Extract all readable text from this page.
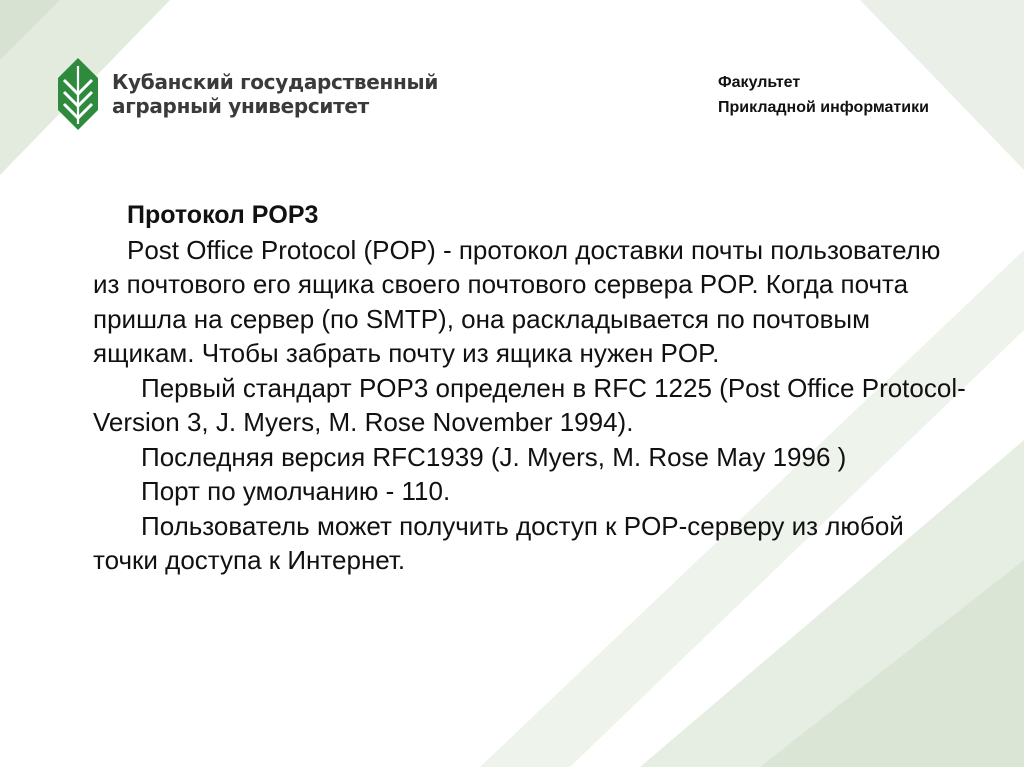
Кубанский государственный
аграрный университет
Факультет
Прикладной информатики
Протокол POP3

Post Office Protocol (POP) - протокол доставки почты пользователю из почтового его ящика своего почтового сервера POP. Когда почта пришла на сервер (по SMTP), она раскладывается по почтовым ящикам. Чтобы забрать почту из ящика нужен POP.

Первый стандарт POP3 определен в RFC 1225 (Post Office Protocol-Version 3, J. Myers, M. Rose November 1994).

Последняя версия RFC1939 (J. Myers, M. Rose May 1996 )

Порт по умолчанию - 110.

Пользователь может получить доступ к POP-серверу из любой точки доступа к Интернет.
